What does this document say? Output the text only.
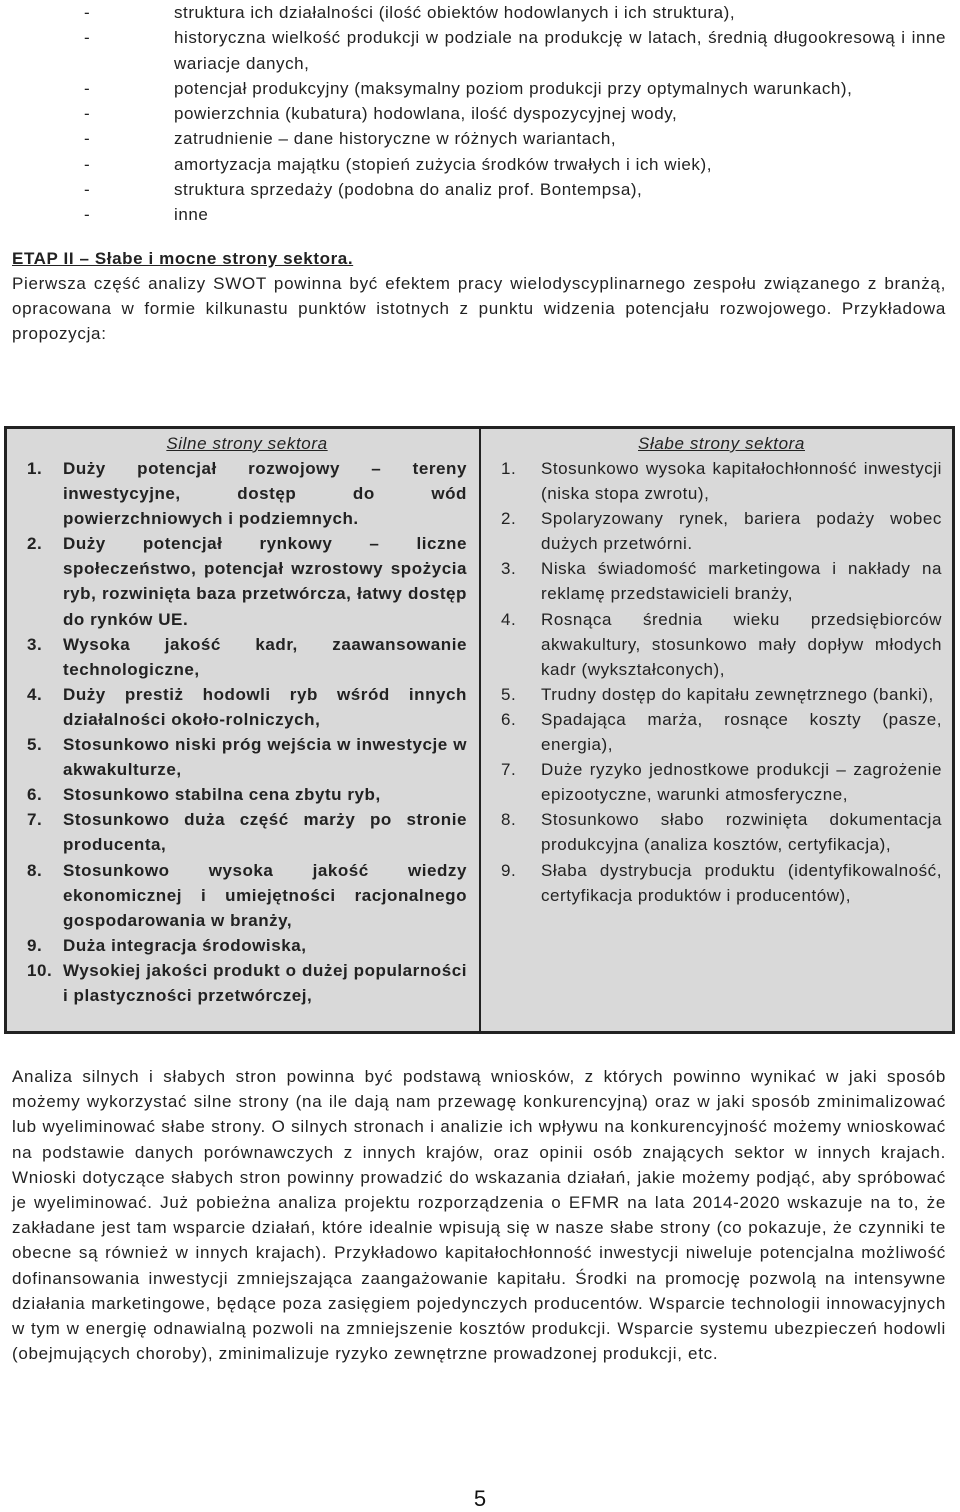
-	struktura ich działalności (ilość obiektów hodowlanych i ich struktura),
-	historyczna wielkość produkcji w podziale na produkcję w latach, średnią długookresową i inne wariacje danych,
-	potencjał produkcyjny (maksymalny poziom produkcji przy optymalnych warunkach),
-	powierzchnia (kubatura) hodowlana, ilość dyspozycyjnej wody,
-	zatrudnienie – dane historyczne w różnych wariantach,
-	amortyzacja majątku (stopień zużycia środków trwałych i ich wiek),
-	struktura sprzedaży (podobna do analiz prof. Bontempsa),
-	inne
ETAP II – Słabe i mocne strony sektora.

Pierwsza część analizy SWOT powinna być efektem pracy wielodyscyplinarnego zespołu związanego z branżą, opracowana w formie kilkunastu punktów istotnych z punktu widzenia potencjału rozwojowego. Przykładowa propozycja:

Silne strony sektora
1.	Duży potencjał rozwojowy – tereny inwestycyjne, dostęp do wód powierzchniowych i podziemnych.
2.	Duży potencjał rynkowy – liczne społeczeństwo, potencjał wzrostowy spożycia ryb, rozwinięta baza przetwórcza, łatwy dostęp do rynków UE.
3.	Wysoka jakość kadr, zaawansowanie technologiczne,
4.	Duży prestiż hodowli ryb wśród innych działalności około-rolniczych,
5.	Stosunkowo niski próg wejścia w inwestycje w akwakulturze,
6.	Stosunkowo stabilna cena zbytu ryb,
7.	Stosunkowo duża część marży po stronie producenta,
8.	Stosunkowo wysoka jakość wiedzy ekonomicznej i umiejętności racjonalnego gospodarowania w branży,
9.	Duża integracja środowiska,
10. Wysokiej jakości produkt o dużej popularności i plastyczności przetwórczej,
Słabe strony sektora
1.	Stosunkowo wysoka kapitałochłonność inwestycji (niska stopa zwrotu),
2.	Spolaryzowany rynek, bariera podaży wobec dużych przetwórni.
3.	Niska świadomość marketingowa i nakłady na reklamę przedstawicieli branży,
4.	Rosnąca średnia wieku przedsiębiorców akwakultury, stosunkowo mały dopływ młodych kadr (wykształconych),
5.	Trudny dostęp do kapitału zewnętrznego (banki),
6.	Spadająca marża, rosnące koszty (pasze, energia),
7.	Duże ryzyko jednostkowe produkcji – zagrożenie epizootyczne, warunki atmosferyczne,
8.	Stosunkowo słabo rozwinięta dokumentacja produkcyjna (analiza kosztów, certyfikacja),
9.	Słaba dystrybucja produktu (identyfikowalność, certyfikacja produktów i producentów),

Analiza silnych i słabych stron powinna być podstawą wniosków, z których powinno wynikać w jaki sposób możemy wykorzystać silne strony (na ile dają nam przewagę konkurencyjną) oraz w jaki sposób zminimalizować lub wyeliminować słabe strony. O silnych stronach i analizie ich wpływu na konkurencyjność możemy wnioskować na podstawie danych porównawczych z innych krajów, oraz opinii osób znających sektor w innych krajach. Wnioski dotyczące słabych stron powinny prowadzić do wskazania działań, jakie możemy podjąć, aby spróbować je wyeliminować. Już pobieżna analiza projektu rozporządzenia o EFMR na lata 2014-2020 wskazuje na to, że zakładane jest tam wsparcie działań, które idealnie wpisują się w nasze słabe strony (co pokazuje, że czynniki te obecne są również w innych krajach). Przykładowo kapitałochłonność inwestycji niweluje potencjalna możliwość dofinansowania inwestycji zmniejszająca zaangażowanie kapitału. Środki na promocję pozwolą na intensywne działania marketingowe, będące poza zasięgiem pojedynczych producentów. Wsparcie technologii innowacyjnych w tym w energię odnawialną pozwoli na zmniejszenie kosztów produkcji. Wsparcie systemu ubezpieczeń hodowli (obejmujących choroby), zminimalizuje ryzyko zewnętrzne prowadzonej produkcji, etc.

5
